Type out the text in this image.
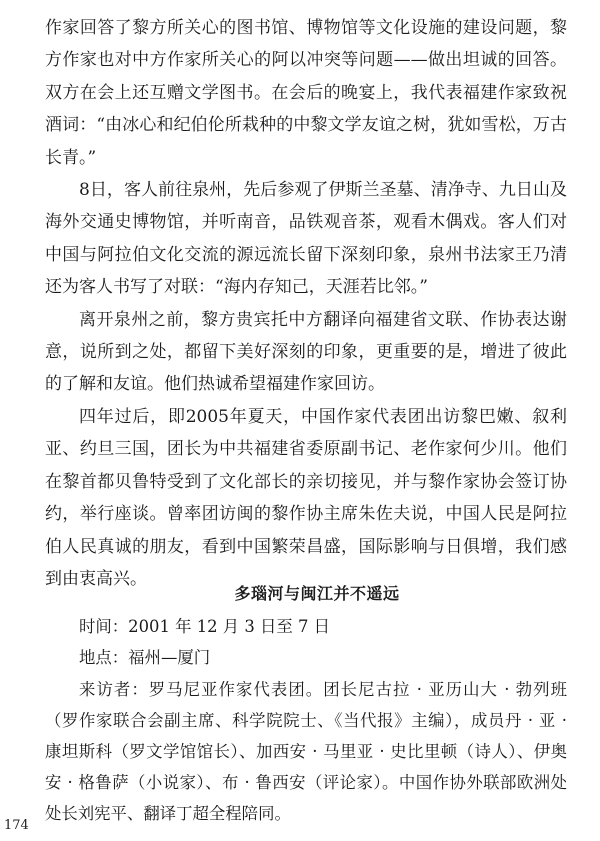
作家回答了黎方所关心的图书馆、博物馆等文化设施的建设问题，黎方作家也对中方作家所关心的阿以冲突等问题——做出坦诚的回答。双方在会上还互赠文学图书。在会后的晚宴上，我代表福建作家致祝酒词：“由冰心和纪伯伦所栽种的中黎文学友谊之树，犹如雪松，万古长青。”

8日，客人前往泉州，先后参观了伊斯兰圣墓、清净寺、九日山及海外交通史博物馆，并听南音，品铁观音茶，观看木偶戏。客人们对中国与阿拉伯文化交流的源远流长留下深刻印象，泉州书法家王乃清还为客人书写了对联：“海内存知己，天涯若比邻。”

离开泉州之前，黎方贵宾托中方翻译向福建省文联、作协表达谢意，说所到之处，都留下美好深刻的印象，更重要的是，增进了彼此的了解和友谊。他们热诚希望福建作家回访。

四年过后，即2005年夏天，中国作家代表团出访黎巴嫩、叙利亚、约旦三国，团长为中共福建省委原副书记、老作家何少川。他们在黎首都贝鲁特受到了文化部长的亲切接见，并与黎作家协会签订协约，举行座谈。曾率团访闽的黎作协主席朱佐夫说，中国人民是阿拉伯人民真诚的朋友，看到中国繁荣昌盛，国际影响与日俱增，我们感到由衷高兴。

多瑙河与闽江并不遥远

时间：2001 年 12 月 3 日至 7 日

地点：福州—厦门

来访者：罗马尼亚作家代表团。团长尼古拉 · 亚历山大 · 勃列班（罗作家联合会副主席、科学院院士、《当代报》主编），成员丹 · 亚 · 康坦斯科（罗文学馆馆长）、加西安 · 马里亚 · 史比里顿（诗人）、伊奥安 · 格鲁萨（小说家）、布 · 鲁西安（评论家）。中国作协外联部欧洲处处长刘宪平、翻译丁超全程陪同。

174
